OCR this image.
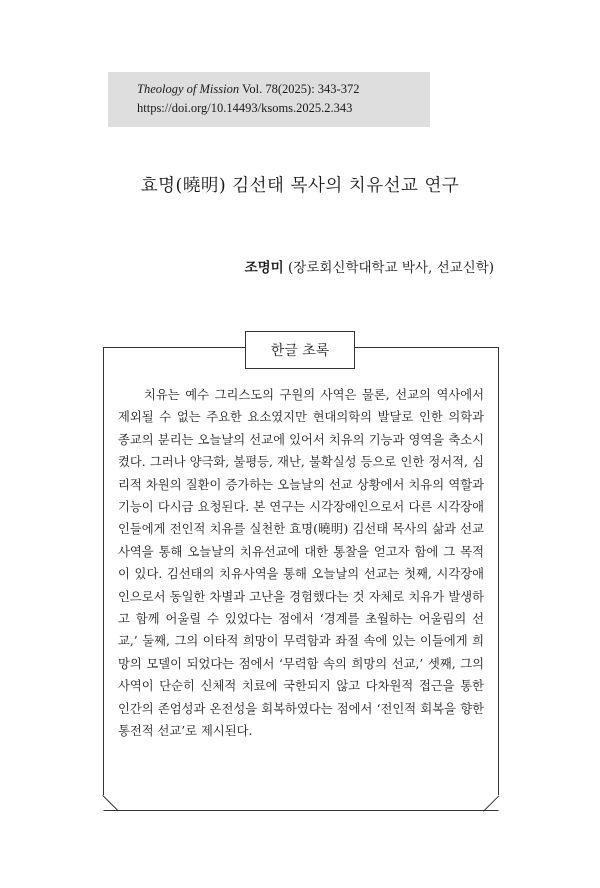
Theology of Mission Vol. 78(2025): 343-372
https://doi.org/10.14493/ksoms.2025.2.343
효명(曉明) 김선태 목사의 치유선교 연구
조명미 (장로회신학대학교 박사, 선교신학)
한글 초록

치유는 예수 그리스도의 구원의 사역은 물론, 선교의 역사에서 제외될 수 없는 주요한 요소였지만 현대의학의 발달로 인한 의학과 종교의 분리는 오늘날의 선교에 있어서 치유의 기능과 영역을 축소시켰다. 그러나 양극화, 불평등, 재난, 불확실성 등으로 인한 정서적, 심리적 차원의 질환이 증가하는 오늘날의 선교 상황에서 치유의 역할과 기능이 다시금 요청된다. 본 연구는 시각장애인으로서 다른 시각장애인들에게 전인적 치유를 실천한 효명(曉明) 김선태 목사의 삶과 선교사역을 통해 오늘날의 치유선교에 대한 통찰을 얻고자 함에 그 목적이 있다. 김선태의 치유사역을 통해 오늘날의 선교는 첫째, 시각장애인으로서 동일한 차별과 고난을 경험했다는 것 자체로 치유가 발생하고 함께 어울릴 수 있었다는 점에서 ‘경계를 초월하는 어울림의 선교,’ 둘째, 그의 이타적 희망이 무력함과 좌절 속에 있는 이들에게 희망의 모델이 되었다는 점에서 ‘무력함 속의 희망의 선교,’ 셋째, 그의 사역이 단순히 신체적 치료에 국한되지 않고 다차원적 접근을 통한 인간의 존엄성과 온전성을 회복하였다는 점에서 ‘전인적 회복을 향한 통전적 선교’로 제시된다.
